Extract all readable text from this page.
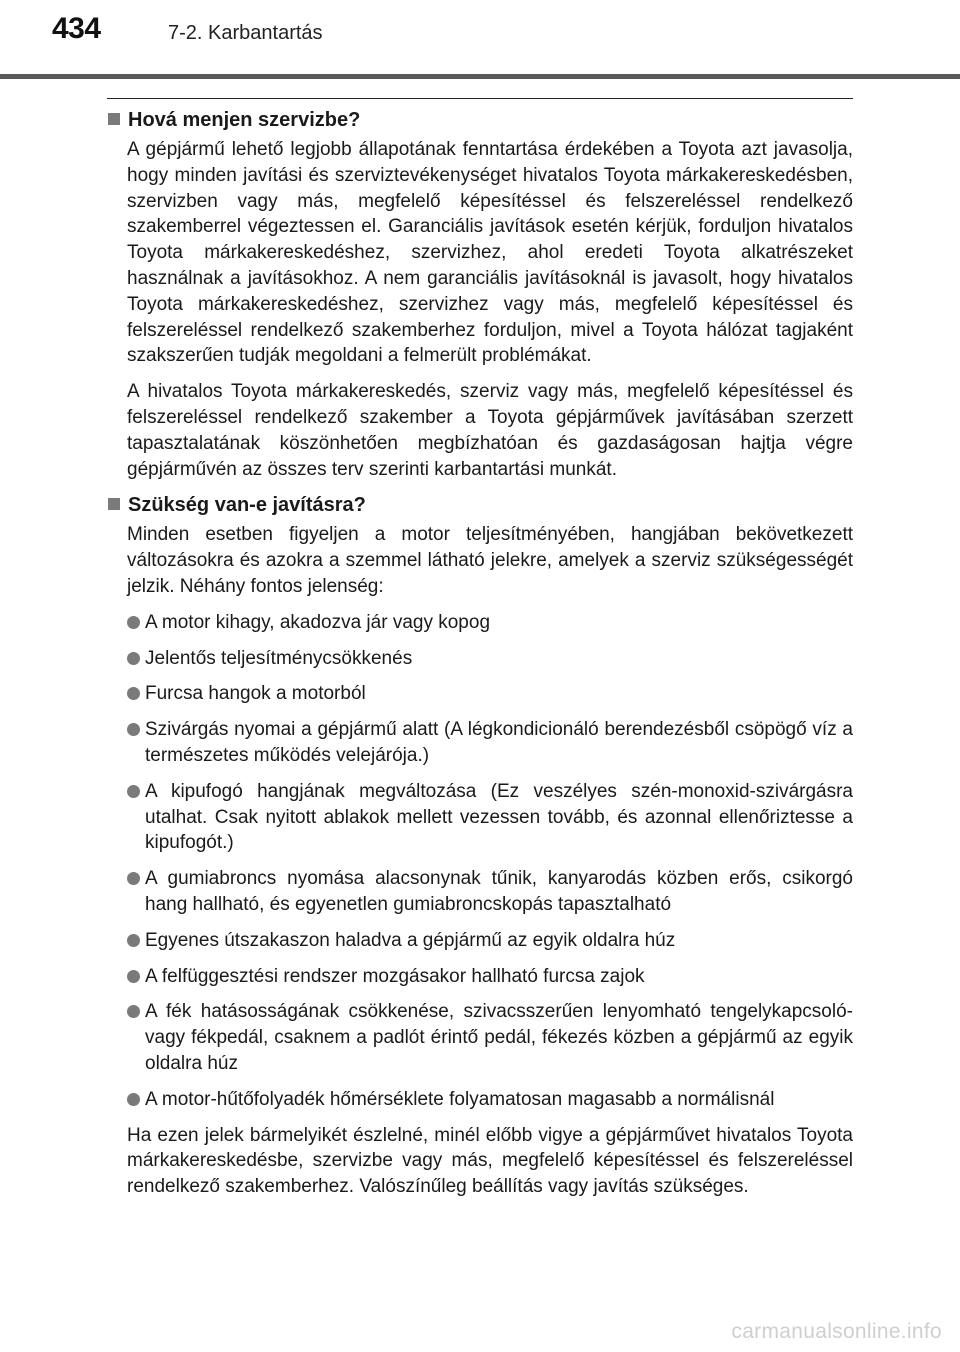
434	7-2. Karbantartás
Hová menjen szervizbe?

A gépjármű lehető legjobb állapotának fenntartása érdekében a Toyota azt javasolja, hogy minden javítási és szerviztevékenységet hivatalos Toyota márkakereskedésben, szervizben vagy más, megfelelő képesítéssel és felszereléssel rendelkező szakemberrel végeztessen el. Garanciális javítások esetén kérjük, forduljon hivatalos Toyota márkakereskedéshez, szervizhez, ahol eredeti Toyota alkatrészeket használnak a javításokhoz. A nem garanciális javításoknál is javasolt, hogy hivatalos Toyota márkakereskedéshez, szervizhez vagy más, megfelelő képesítéssel és felszereléssel rendelkező szakemberhez forduljon, mivel a Toyota hálózat tagjaként szakszerűen tudják megoldani a felmerült problémákat.

A hivatalos Toyota márkakereskedés, szerviz vagy más, megfelelő képesítéssel és felszereléssel rendelkező szakember a Toyota gépjárművek javításában szerzett tapasztalatának köszönhetően megbízhatóan és gazdaságosan hajtja végre gépjárművén az összes terv szerinti karbantartási munkát.

Szükség van-e javításra?

Minden esetben figyeljen a motor teljesítményében, hangjában bekövetkezett változásokra és azokra a szemmel látható jelekre, amelyek a szerviz szükségességét jelzik. Néhány fontos jelenség:

A motor kihagy, akadozva jár vagy kopog
Jelentős teljesítménycsökkenés
Furcsa hangok a motorból
Szivárgás nyomai a gépjármű alatt (A légkondicionáló berendezésből csöpögő víz a természetes működés velejárója.)
A kipufogó hangjának megváltozása (Ez veszélyes szén-monoxid-szivárgásra utalhat. Csak nyitott ablakok mellett vezessen tovább, és azonnal ellenőriztesse a kipufogót.)
A gumiabroncs nyomása alacsonynak tűnik, kanyarodás közben erős, csikorgó hang hallható, és egyenetlen gumiabroncskopás tapasztalható
Egyenes útszakaszon haladva a gépjármű az egyik oldalra húz
A felfüggesztési rendszer mozgásakor hallható furcsa zajok
A fék hatásosságának csökkenése, szivacsszerűen lenyomható tengelykapcsoló- vagy fékpedál, csaknem a padlót érintő pedál, fékezés közben a gépjármű az egyik oldalra húz
A motor-hűtőfolyadék hőmérséklete folyamatosan magasabb a normálisnál

Ha ezen jelek bármelyikét észlelné, minél előbb vigye a gépjárművet hivatalos Toyota márkakereskedésbe, szervizbe vagy más, megfelelő képesítéssel és felszereléssel rendelkező szakemberhez. Valószínűleg beállítás vagy javítás szükséges.

carmanualsonline.info
